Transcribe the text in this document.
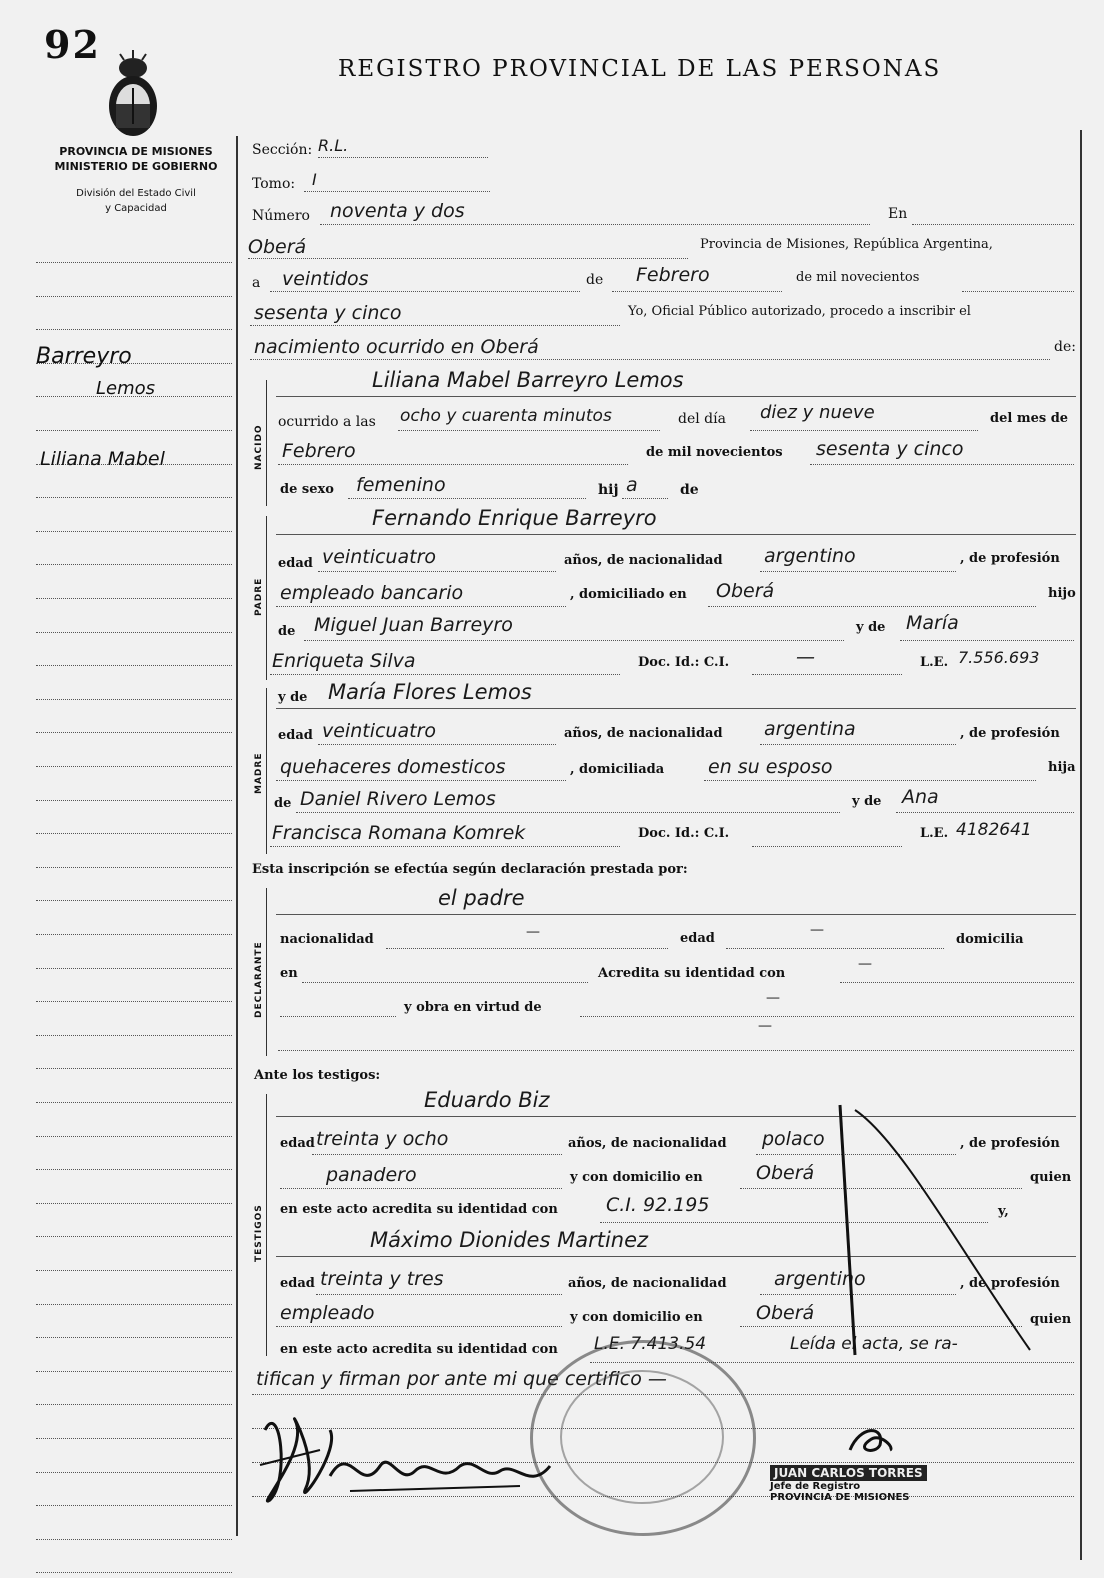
92
REGISTRO PROVINCIAL DE LAS PERSONAS
PROVINCIA DE MISIONES
MINISTERIO DE GOBIERNO
División del Estado Civil
y Capacidad
Barreyro
Lemos
Liliana Mabel
Sección: R.L.
Tomo: I
Número noventa y dos	En
Oberá	Provincia de Misiones, República Argentina,
a veintidos	de Febrero	de mil novecientos
sesenta y cinco	Yo, Oficial Público autorizado, procedo a inscribir el
nacimiento ocurrido en Oberá	de:
NACIDO
Liliana Mabel Barreyro Lemos
ocurrido a las ocho y cuarenta minutos	del día diez y nueve	del mes de
Febrero	de mil novecientos sesenta y cinco
de sexo femenino	hij a	de
PADRE
Fernando Enrique Barreyro
edad veinticuatro	años, de nacionalidad argentino	, de profesión
empleado bancario	, domiciliado en Oberá	hijo
de Miguel Juan Barreyro	y de María
Enriqueta Silva	Doc. Id.: C.I.	—	L.E. 7.556.693
MADRE
y de María Flores Lemos
edad veinticuatro	años, de nacionalidad argentina	, de profesión
quehaceres domesticos	, domiciliada en su esposo	hija
de Daniel Rivero Lemos	y de Ana
Francisca Romana Komrek	Doc. Id.: C.I.	L.E. 4182641
Esta inscripción se efectúa según declaración prestada por:
DECLARANTE
el padre
nacionalidad	—	edad
—
domicilia
en	Acredita su identidad con
—
y obra en virtud de
—
—
Ante los testigos:
TESTIGOS
Eduardo Biz
edad treinta y ocho	años, de nacionalidad polaco	, de profesión
panadero	y con domicilio en	Oberá	quien
en este acto acredita su identidad con	C.I. 92.195	y,
Máximo Dionides Martinez
edad treinta y tres	años, de nacionalidad argentino	, de profesión
empleado	y con domicilio en	Oberá	quien
en este acto acredita su identidad con L.E. 7.413.54	Leída el acta, se ra-
tifican y firman por ante mi que certifico —
JUAN CARLOS TORRES
Jefe de Registro
PROVINCIA DE MISIONES
